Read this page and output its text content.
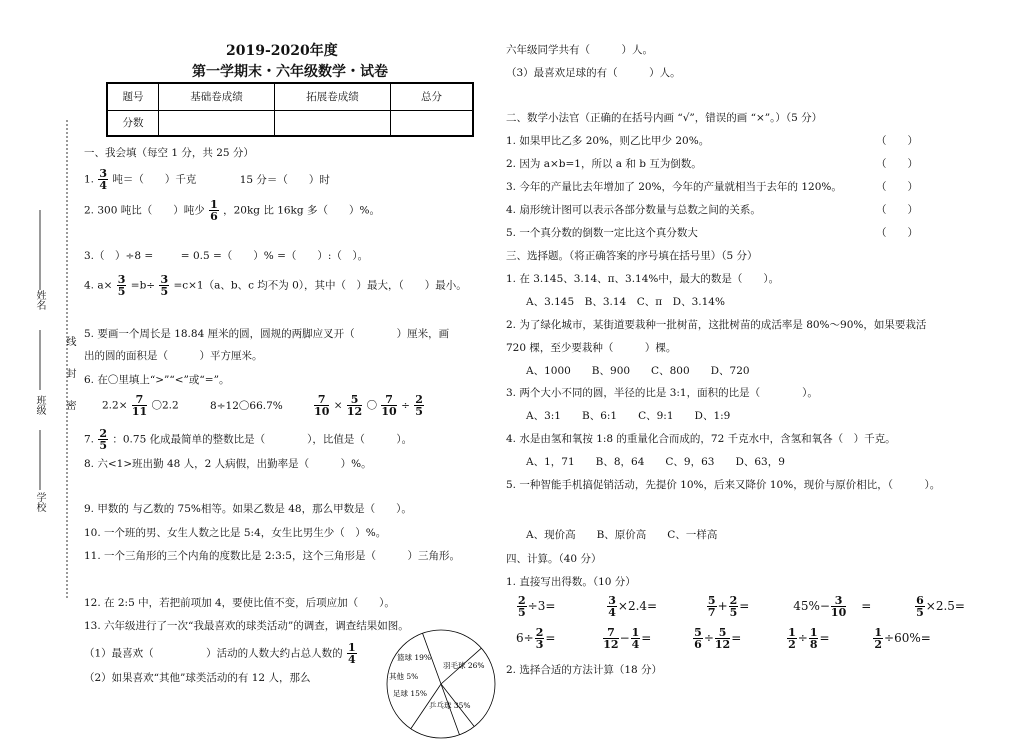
2019-2020年度
第一学期末・六年级数学・试卷
题号	基础卷成绩	拓展卷成绩	总分
分数			
姓名
班级
学校
密
封
线
一、我会填（每空 1 分，共 25 分）
1. $\frac{3}{4}$ 吨＝（　　）千克	15 分＝（　　）时
2. 300 吨比（　　）吨少 $\frac{1}{6}$ ，20kg 比 16kg 多（　　）%。
3.（　）÷8 = 　　 = 0.5 =（　　）% =（　　）:（　）。
4. $a\times \frac{3}{5} =b\div \frac{3}{5} =c\times 1(a$、b、c 均不为 0），其中（　）最大，（　　）最小。
5. 要画一个周长是 18.84 厘米的圆，圆规的两脚应叉开（　　　　）厘米，画
出的圆的面积是（　　　）平方厘米。
6. 在〇里填上“>”“<”或“=”。
$2.2\times \frac{7}{11}$ 〇2.2	8÷12〇66.7%	$\frac{7}{10} \times \frac{5}{12}$ 〇 $\frac{7}{10} \div \frac{2}{5}$
7. $\frac{2}{5}$ ：0.75 化成最简单的整数比是（　　　　），比值是（　　　）。
8. 六<1>班出勤 48 人，2 人病假，出勤率是（　　　）%。
9. 甲数的 与乙数的 75%相等。如果乙数是 48，那么甲数是（　　）。
10. 一个班的男、女生人数之比是 5:4，女生比男生少（　）%。
11. 一个三角形的三个内角的度数比是 2:3:5，这个三角形是（　　　）三角形。
12. 在 2:5 中，若把前项加 4，要使比值不变，后项应加（　　）。
13. 六年级进行了一次“我最喜欢的球类活动”的调查，调查结果如图。
（1）最喜欢（　　　　　）活动的人数大约占总人数的 $\frac{1}{4}$
（2）如果喜欢“其他”球类活动的有 12 人，那么
篮球 19%
羽毛球 26%
其他 5%
足球 15%
乒乓球 35%
六年级同学共有（　　　）人。
（3）最喜欢足球的有（　　　）人。
二、数学小法官（正确的在括号内画 “√”，错误的画 “×”。）（5 分）
1. 如果甲比乙多 20%，则乙比甲少 20%。	（　　）
2. 因为 a×b=1，所以 a 和 b 互为倒数。	（　　）
3. 今年的产量比去年增加了 20%，今年的产量就相当于去年的 120%。	（　　）
4. 扇形统计图可以表示各部分数量与总数之间的关系。	（　　）
5. 一个真分数的倒数一定比这个真分数大	（　　）
三、选择题。（将正确答案的序号填在括号里）（5 分）
1. 在 3.145、3.14、π、3.14%中，最大的数是（　　）。
A、3.145　B、3.14　C、π　D、3.14%
2. 为了绿化城市，某街道要栽种一批树苗，这批树苗的成活率是 80%～90%，如果要栽活
720 棵，至少要栽种（　　　）棵。
A、1000　　B、900　　C、800　　D、720
3. 两个大小不同的圆，半径的比是 3:1，面积的比是（　　　　）。
A、3:1　　B、6:1　　C、9:1　　D、1:9
4. 水是由氢和氧按 1:8 的重量化合而成的，72 千克水中，含氢和氧各（　）千克。
A、1，71　　B、8，64　　C、9，63　　D、63，9
5. 一种智能手机搞促销活动，先提价 10%，后来又降价 10%，现价与原价相比，（　　　）。
A、现价高　　B、原价高　　C、一样高
四、计算。（40 分）
1. 直接写出得数。（10 分）
$\frac{2}{5} \div 3=$	$\frac{3}{4} \times 2.4=$	$\frac{5}{7} + \frac{2}{5}$ =	$45\%- \frac{3}{10}$ =	$\frac{6}{5} \times 2.5=$
$6\div \frac{2}{3}$ =	$\frac{7}{12} - \frac{1}{4}$ =	$\frac{5}{6} \div \frac{5}{12}$ =	$\frac{1}{2} \div \frac{1}{8}$ =	$\frac{1}{2} \div 60\%=$
2. 选择合适的方法计算（18 分）
